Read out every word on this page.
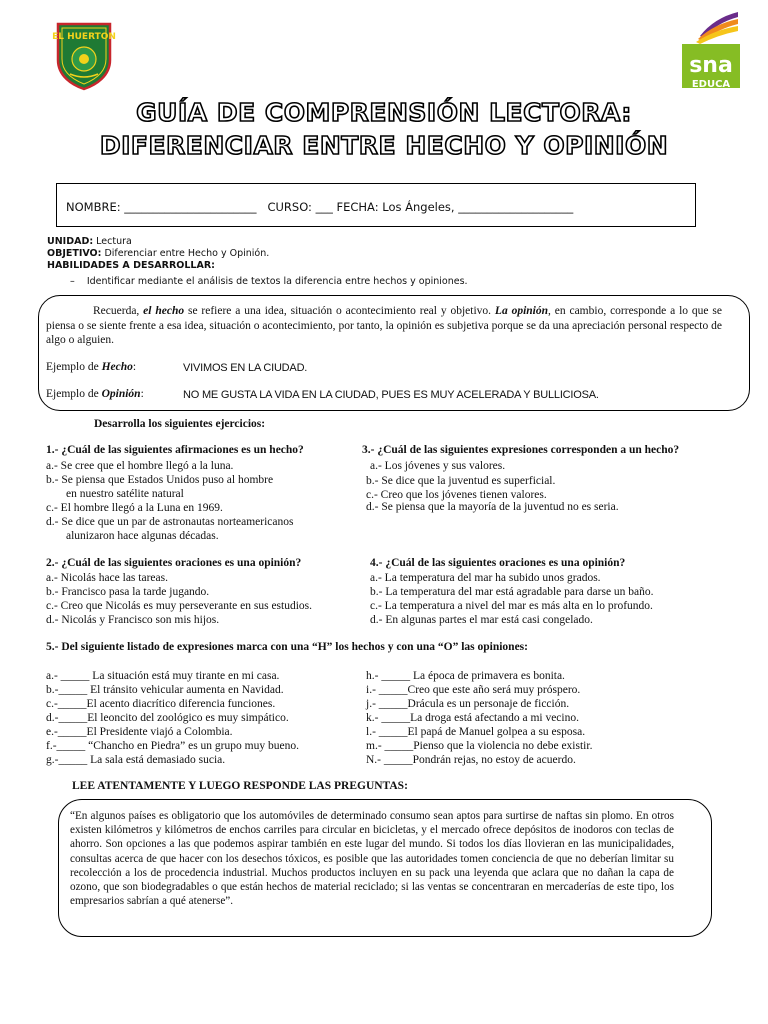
EL HUERTON
sna
EDUCA
GUÍA DE COMPRENSIÓN LECTORA:
DIFERENCIAR ENTRE HECHO Y OPINIÓN
NOMBRE: _______________________   CURSO: ___ FECHA: Los Ángeles, ____________________
UNIDAD: Lectura
OBJETIVO: Diferenciar entre Hecho y Opinión.
HABILIDADES A DESARROLLAR:
– Identificar mediante el análisis de textos la diferencia entre hechos y opiniones.
Recuerda, el hecho se refiere a una idea, situación o acontecimiento real y objetivo. La opinión, en cambio, corresponde a lo que se piensa o se siente frente a esa idea, situación o acontecimiento, por tanto, la opinión es subjetiva porque se da una apreciación personal respecto de algo o alguien.
Ejemplo de Hecho:	VIVIMOS EN LA CIUDAD.
Ejemplo de Opinión:	NO ME GUSTA LA VIDA EN LA CIUDAD, PUES ES MUY ACELERADA Y BULLICIOSA.
Desarrolla los siguientes ejercicios:
1.- ¿Cuál de las siguientes afirmaciones es un hecho?
a.- Se cree que el hombre llegó a la luna.
b.- Se piensa que Estados Unidos puso al hombre
en nuestro satélite natural
c.- El hombre llegó a la Luna en 1969.
d.- Se dice que un par de astronautas norteamericanos
alunizaron hace algunas décadas.
3.- ¿Cuál de las siguientes expresiones corresponden a un hecho?
a.- Los jóvenes y sus valores.
b.- Se dice que la juventud es superficial.
c.- Creo que los jóvenes tienen valores.
d.- Se piensa que la mayoría de la juventud no es seria.
2.- ¿Cuál de las siguientes oraciones es una opinión?
a.- Nicolás hace las tareas.
b.- Francisco pasa la tarde jugando.
c.- Creo que Nicolás es muy perseverante en sus estudios.
d.- Nicolás y Francisco son mis hijos.
4.- ¿Cuál de las siguientes oraciones es una opinión?
a.- La temperatura del mar ha subido unos grados.
b.- La temperatura del mar está agradable para darse un baño.
c.- La temperatura a nivel del mar es más alta en lo profundo.
d.- En algunas partes el mar está casi congelado.
5.- Del siguiente listado de expresiones marca con una “H” los hechos y con una “O” las opiniones:
a.- _____ La situación está muy tirante en mi casa.
b.-_____ El tránsito vehicular aumenta en Navidad.
c.-_____El acento diacrítico diferencia funciones.
d.-_____El leoncito del zoológico es muy simpático.
e.-_____El Presidente viajó a Colombia.
f.-_____ “Chancho en Piedra” es un grupo muy bueno.
g.-_____ La sala está demasiado sucia.
h.- _____ La época de primavera es bonita.
i.- _____Creo que este año será muy próspero.
j.- _____Drácula es un personaje de ficción.
k.- _____La droga está afectando a mi vecino.
l.- _____El papá de Manuel golpea a su esposa.
m.- _____Pienso que la violencia no debe existir.
N.- _____Pondrán rejas, no estoy de acuerdo.
LEE ATENTAMENTE Y LUEGO RESPONDE LAS PREGUNTAS:
“En algunos países es obligatorio que los automóviles de determinado consumo sean aptos para surtirse de naftas sin plomo. En otros existen kilómetros y kilómetros de enchos carriles para circular en bicicletas, y el mercado ofrece depósitos de inodoros con teclas de ahorro. Son opciones a las que podemos aspirar también en este lugar del mundo. Si todos los días llovieran en las municipalidades, consultas acerca de que hacer con los desechos tóxicos, es posible que las autoridades tomen conciencia de que no deberían limitar su recolección a los de procedencia industrial. Muchos productos incluyen en su pack una leyenda que aclara que no dañan la capa de ozono, que son biodegradables o que están hechos de material reciclado; si las ventas se concentraran en mercaderías de este tipo, los empresarios sabrían a qué atenerse”.
